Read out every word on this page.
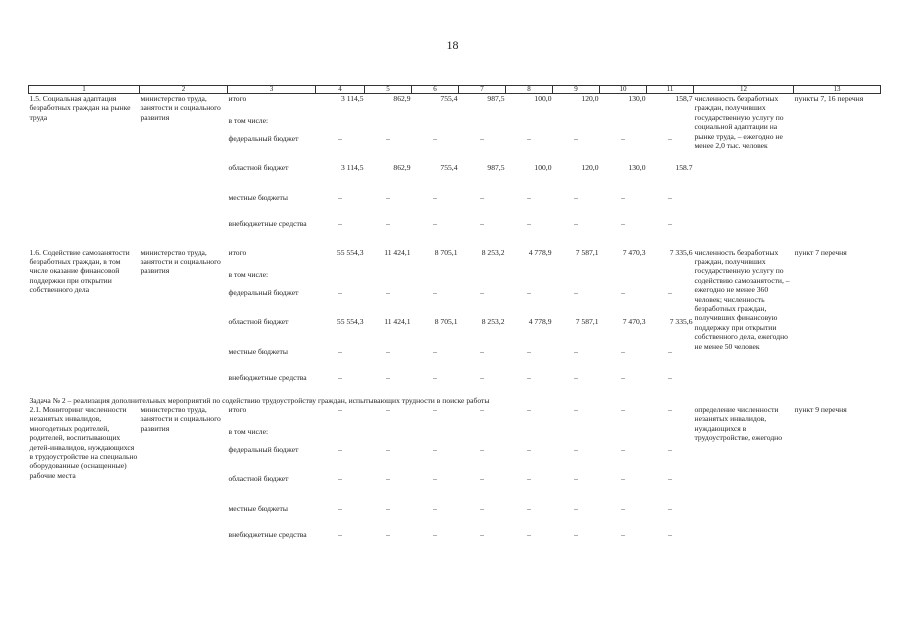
18
1	2	3	4	5	6	7	8	9	10	11	12	13
1.5. Социальная адаптация безработных граждан на рынке труда	министерство труда, занятости и социального развития	итого	3 114,5	862,9	755,4	987,5	100,0	120,0	130,0	158,7	численность безработных граждан, получивших государственную услугу по социальной адаптации на рынке труда, – ежегодно не менее 2,0 тыс. человек	пункты 7, 16 перечня
		в том числе:										
		федеральный бюджет	–	–	–	–	–	–	–	–		
		областной бюджет	3 114,5	862,9	755,4	987,5	100,0	120,0	130,0	158.7		
		местные бюджеты	–	–	–	–	–	–	–	–		
		внебюджетные средства	–	–	–	–	–	–	–	–		

1.6. Содействие самозанятости безработных граждан, в том числе оказание финансовой поддержки при открытии собственного дела	министерство труда, занятости и социального развития	итого	55 554,3	11 424,1	8 705,1	8 253,2	4 778,9	7 587,1	7 470,3	7 335,6	численность безработных граждан, получивших государственную услугу по содействию самозанятости, – ежегодно не менее 360 человек; численность безработных граждан, получивших финансовую поддержку при открытии собственного дела, ежегодно не менее 50 человек	пункт 7 перечня
		в том числе:										
		федеральный бюджет	–	–	–	–	–	–	–	–		
		областной бюджет	55 554,3	11 424,1	8 705,1	8 253,2	4 778,9	7 587,1	7 470,3	7 335,6		
		местные бюджеты	–	–	–	–	–	–	–	–		
		внебюджетные средства	–	–	–	–	–	–	–	–		
Задача № 2 – реализация дополнительных мероприятий по содействию трудоустройству граждан, испытывающих трудности в поиске работы												
2.1. Мониторинг численности незанятых инвалидов, многодетных родителей, родителей, воспитывающих детей-инвалидов, нуждающихся в трудоустройстве на специально оборудованные (оснащенные) рабочие места	министерство труда, занятости и социального развития	итого	–	–	–	–	–	–	–	–	определение численности незанятых инвалидов, нуждающихся в трудоустройстве, ежегодно	пункт 9 перечня
		в том числе:										
		федеральный бюджет	–	–	–	–	–	–	–	–		
		областной бюджет	–	–	–	–	–	–	–	–		
		местные бюджеты	–	–	–	–	–	–	–	–		
		внебюджетные средства	–	–	–	–	–	–	–	–		
